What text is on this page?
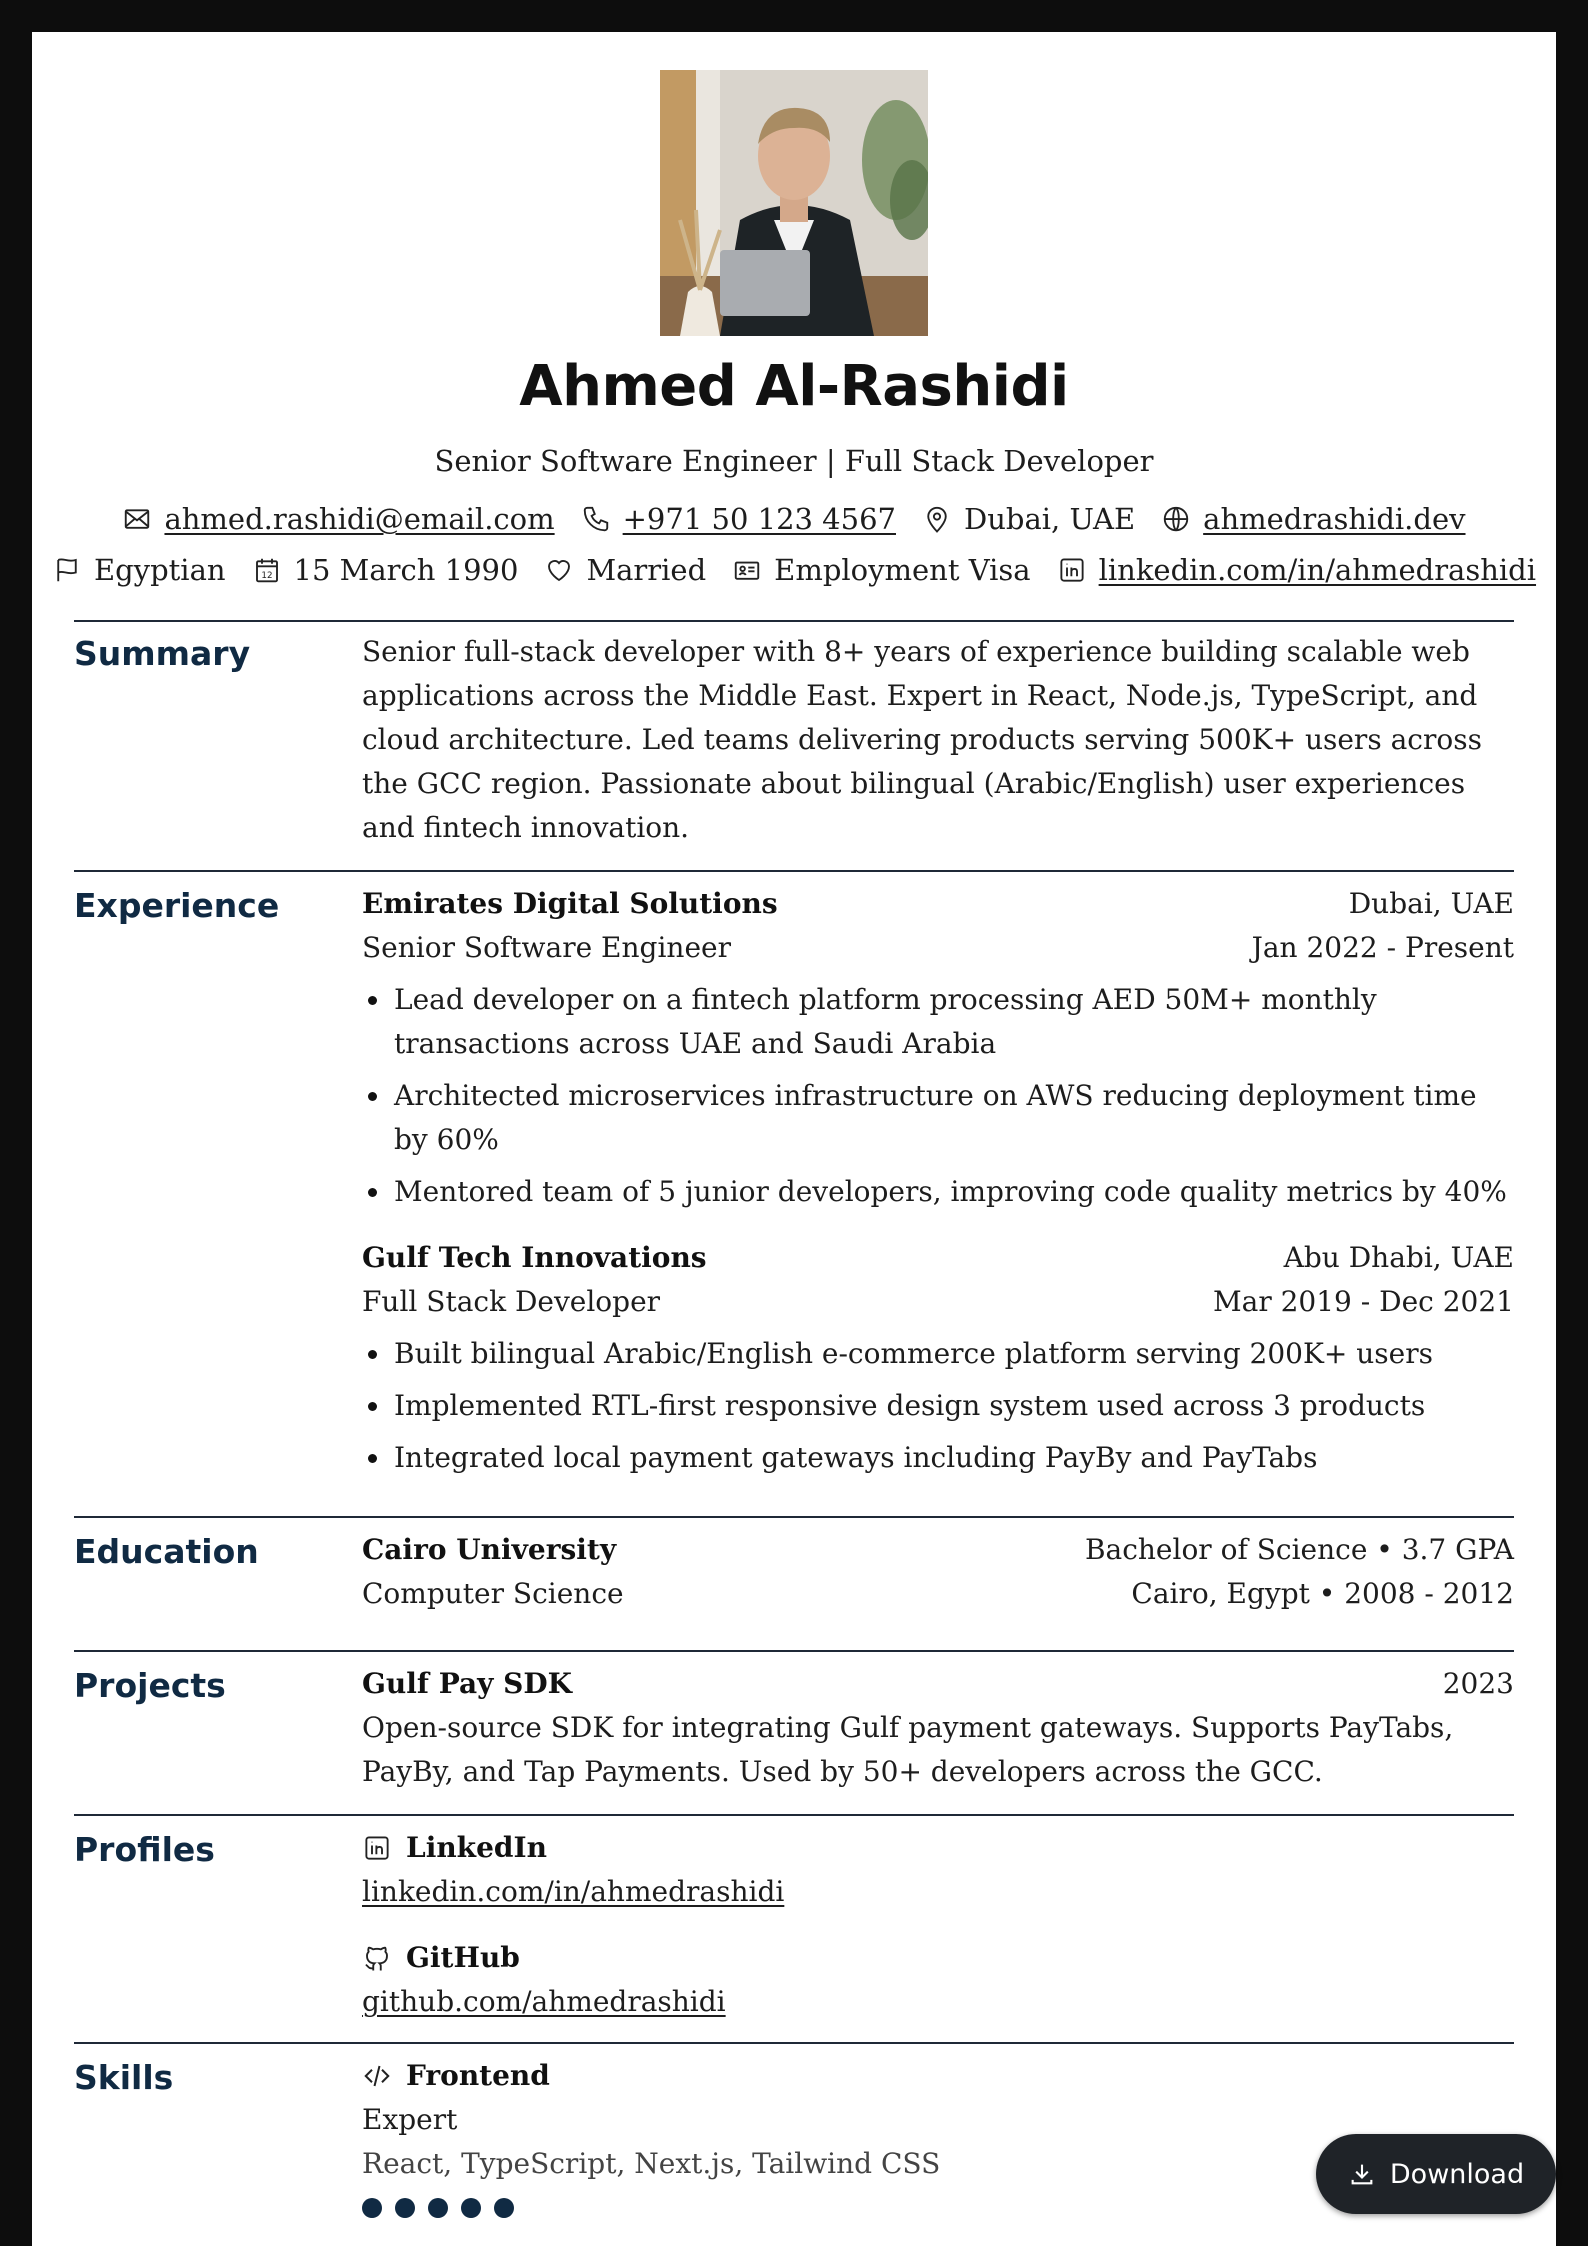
Ahmed Al-Rashidi
Senior Software Engineer | Full Stack Developer
ahmed.rashidi@email.com +971 50 123 4567 Dubai, UAE ahmedrashidi.dev
Egyptian	12 15 March 1990 Married Employment Visa linkedin.com/in/ahmedrashidi
Summary	Senior full-stack developer with 8+ years of experience building scalable web applications across the Middle East. Expert in React, Node.js, TypeScript, and cloud architecture. Led teams delivering products serving 500K+ users across the GCC region. Passionate about bilingual (Arabic/English) user experiences and fintech innovation.
Experience	Emirates Digital Solutions	Dubai, UAE
Senior Software Engineer	Jan 2022 - Present
Lead developer on a fintech platform processing AED 50M+ monthly transactions across UAE and Saudi Arabia
Architected microservices infrastructure on AWS reducing deployment time by 60%
Mentored team of 5 junior developers, improving code quality metrics by 40%
Gulf Tech Innovations	Abu Dhabi, UAE
Full Stack Developer	Mar 2019 - Dec 2021
Built bilingual Arabic/English e-commerce platform serving 200K+ users
Implemented RTL-first responsive design system used across 3 products
Integrated local payment gateways including PayBy and PayTabs
Education	Cairo University	Bachelor of Science • 3.7 GPA
Computer Science	Cairo, Egypt • 2008 - 2012
Projects	Gulf Pay SDK	2023
Open-source SDK for integrating Gulf payment gateways. Supports PayTabs, PayBy, and Tap Payments. Used by 50+ developers across the GCC.
Profiles	LinkedIn
linkedin.com/in/ahmedrashidi
GitHub
github.com/ahmedrashidi
Skills	Frontend
Expert
React, TypeScript, Next.js, Tailwind CSS	Download
